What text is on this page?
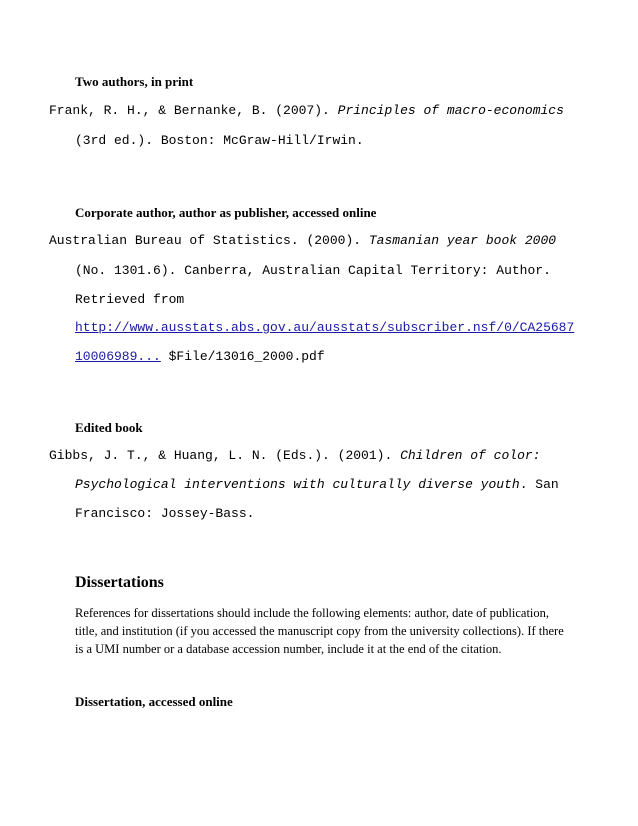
Two authors, in print
Frank, R. H., & Bernanke, B. (2007). Principles of macro-economics
(3rd ed.). Boston: McGraw-Hill/Irwin.
Corporate author, author as publisher, accessed online
Australian Bureau of Statistics. (2000). Tasmanian year book 2000
(No. 1301.6). Canberra, Australian Capital Territory: Author.
Retrieved from
http://www.ausstats.abs.gov.au/ausstats/subscriber.nsf/0/CA25687
10006989... $File/13016_2000.pdf
Edited book
Gibbs, J. T., & Huang, L. N. (Eds.). (2001). Children of color:
Psychological interventions with culturally diverse youth. San
Francisco: Jossey-Bass.
Dissertations
References for dissertations should include the following elements: author, date of publication, title, and institution (if you accessed the manuscript copy from the university collections). If there is a UMI number or a database accession number, include it at the end of the citation.
Dissertation, accessed online
